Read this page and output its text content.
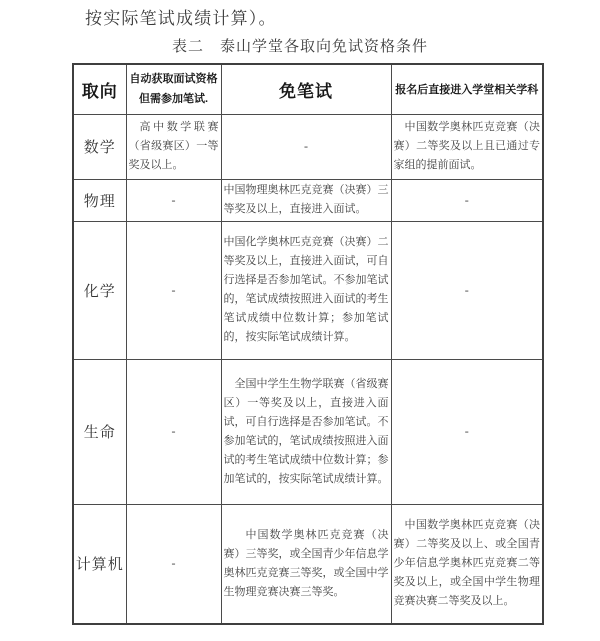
按实际笔试成绩计算）。

表二　泰山学堂各取向免试资格条件
取向	自动获取面试资格但需参加笔试.	免笔试	报名后直接进入学堂相关学科
数学	高中数学联赛（省级赛区）一等奖及以上。	-	中国数学奥林匹克竞赛（决赛）二等奖及以上且已通过专家组的提前面试。
物理	-	中国物理奥林匹克竞赛（决赛）三等奖及以上，直接进入面试。	-
化学	-	中国化学奥林匹克竞赛（决赛）二等奖及以上，直接进入面试，可自行选择是否参加笔试。不参加笔试的，笔试成绩按照进入面试的考生笔试成绩中位数计算；参加笔试的，按实际笔试成绩计算。	-
生命	-	全国中学生生物学联赛（省级赛区）一等奖及以上，直接进入面试，可自行选择是否参加笔试。不参加笔试的，笔试成绩按照进入面试的考生笔试成绩中位数计算；参加笔试的，按实际笔试成绩计算。	-
计算机	-	中国数学奥林匹克竞赛（决赛）三等奖，或全国青少年信息学奥林匹克竞赛三等奖，或全国中学生物理竞赛决赛三等奖。	中国数学奥林匹克竞赛（决赛）二等奖及以上、或全国青少年信息学奥林匹克竞赛二等奖及以上，或全国中学生物理竞赛决赛二等奖及以上。
